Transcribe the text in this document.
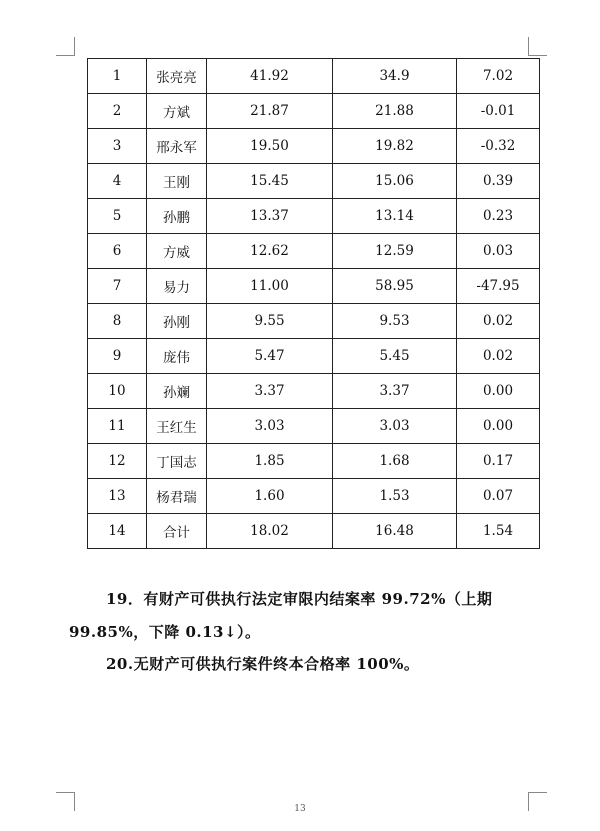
1	张亮亮	41.92	34.9	7.02
2	方斌	21.87	21.88	-0.01
3	邢永军	19.50	19.82	-0.32
4	王刚	15.45	15.06	0.39
5	孙鹏	13.37	13.14	0.23
6	方威	12.62	12.59	0.03
7	易力	11.00	58.95	-47.95
8	孙刚	9.55	9.53	0.02
9	庞伟	5.47	5.45	0.02
10	孙斓	3.37	3.37	0.00
11	王红生	3.03	3.03	0.00
12	丁国志	1.85	1.68	0.17
13	杨君瑞	1.60	1.53	0.07
14	合计	18.02	16.48	1.54
19．有财产可供执行法定审限内结案率 99.72%（上期
99.85%，下降 0.13↓）。
20.无财产可供执行案件终本合格率 100%。
13
